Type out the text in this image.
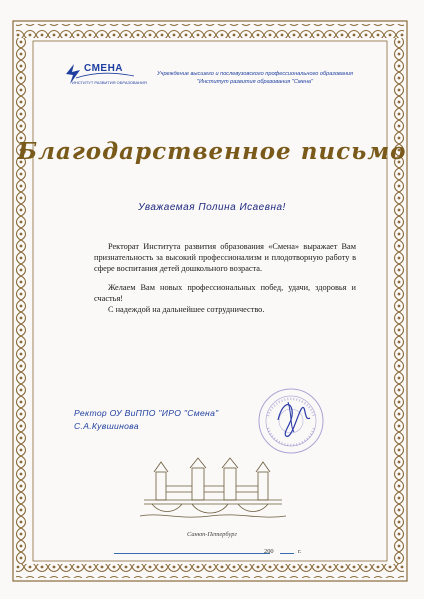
СМЕНА
ИНСТИТУТ РАЗВИТИЯ ОБРАЗОВАНИЯ
Учреждение высшего и послевузовского профессионального образования
"Институт развития образования "Смена"
Благодарственное письмо
Уважаемая Полина Исаевна!

Ректорат Института развития образования «Смена» выражает Вам признательность за высокий профессионализм и плодотворную работу в сфере воспитания детей дошкольного возраста.

Желаем Вам новых профессиональных побед, удачи, здоровья и счастья!

С надеждой на дальнейшее сотрудничество.

Ректор ОУ ВиППО "ИРО "Смена"
С.А.Кувшинова
Санкт-Петербург
200	г.
